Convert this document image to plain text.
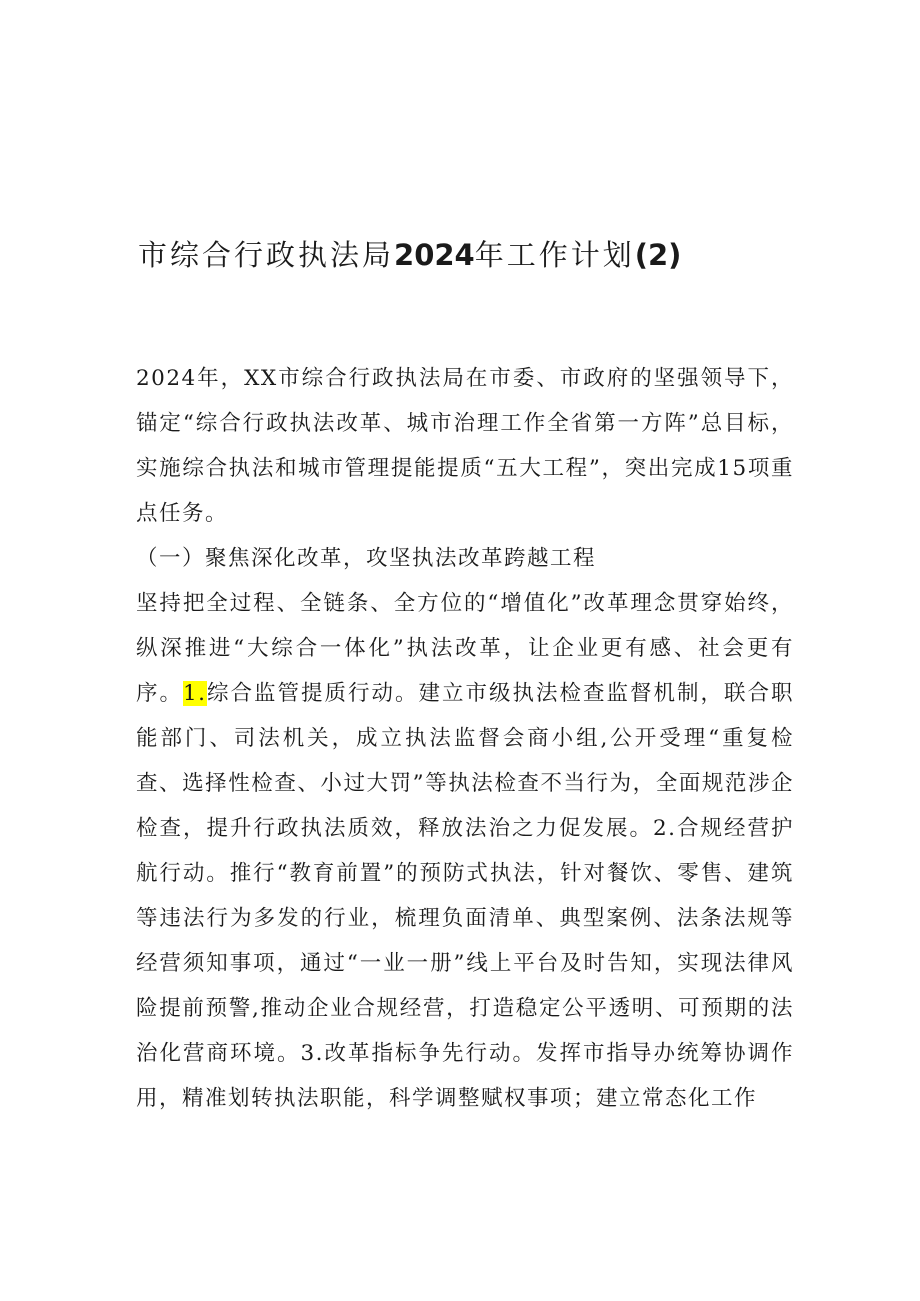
市综合行政执法局2024年工作计划(2)

2024年，XX市综合行政执法局在市委、市政府的坚强领导下，锚定“综合行政执法改革、城市治理工作全省第一方阵”总目标，实施综合执法和城市管理提能提质“五大工程”，突出完成15项重点任务。

（一）聚焦深化改革，攻坚执法改革跨越工程

坚持把全过程、全链条、全方位的“增值化”改革理念贯穿始终，纵深推进“大综合一体化”执法改革，让企业更有感、社会更有序。1.综合监管提质行动。建立市级执法检查监督机制，联合职能部门、司法机关，成立执法监督会商小组,公开受理“重复检查、选择性检查、小过大罚”等执法检查不当行为，全面规范涉企检查，提升行政执法质效，释放法治之力促发展。2.合规经营护航行动。推行“教育前置”的预防式执法，针对餐饮、零售、建筑等违法行为多发的行业，梳理负面清单、典型案例、法条法规等经营须知事项，通过“一业一册”线上平台及时告知，实现法律风险提前预警,推动企业合规经营，打造稳定公平透明、可预期的法治化营商环境。3.改革指标争先行动。发挥市指导办统筹协调作用，精准划转执法职能，科学调整赋权事项；建立常态化工作
